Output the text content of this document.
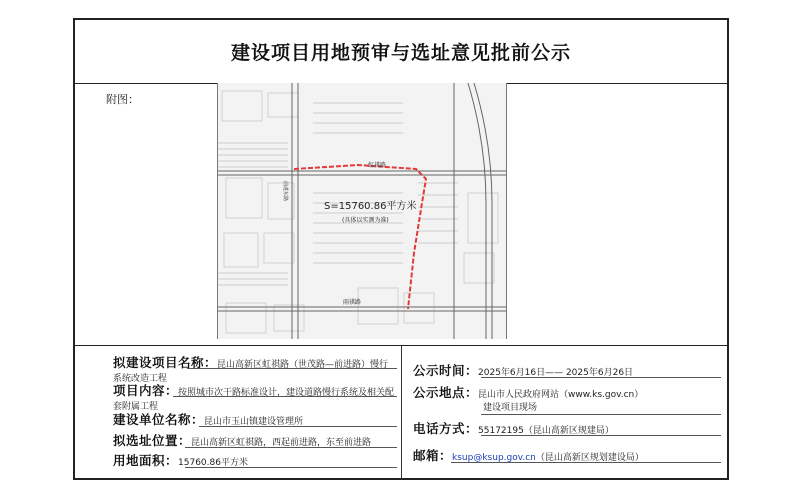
建设项目用地预审与选址意见批前公示
附图：
S=15760.86平方米
(具体以实测为准)
虹祺路
雨祺路
前进东路
拟建设项目名称：昆山高新区虹祺路（世茂路—前进路）慢行系统改造工程
项目内容：按照城市次干路标准设计，建设道路慢行系统及相关配套附属工程
建设单位名称：昆山市玉山镇建设管理所
拟选址位置：昆山高新区虹祺路，西起前进路，东至前进路
用地面积：15760.86平方米
公示时间：2025年6月16日—— 2025年6月26日
公示地点：昆山市人民政府网站（www.ks.gov.cn）
建设项目现场
电话方式：55172195（昆山高新区规建局）
邮箱：ksup@ksup.gov.cn（昆山高新区规划建设局）
